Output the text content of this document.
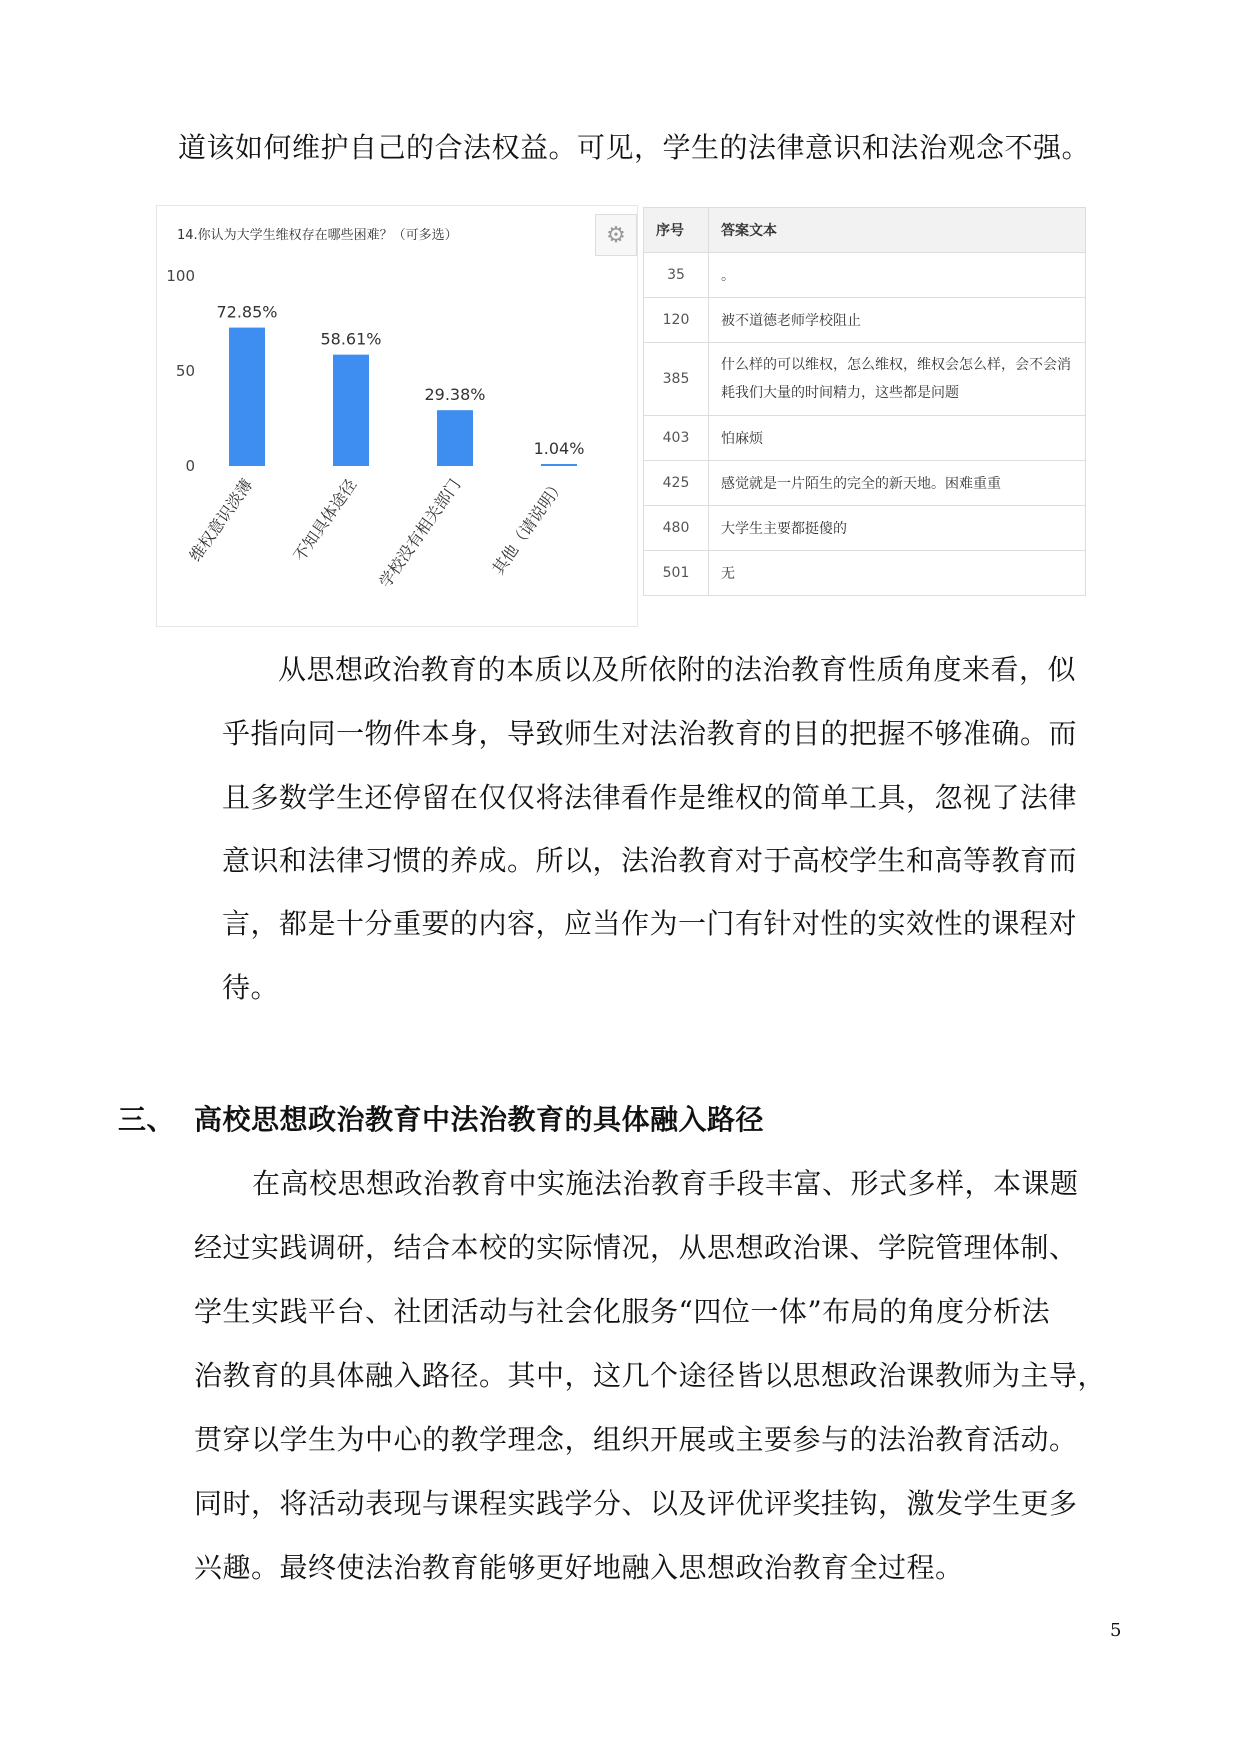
道该如何维护自己的合法权益。可见，学生的法律意识和法治观念不强。
14.你认为大学生维权存在哪些困难？（可多选）	⚙
100
50
0
72.85%
维权意识淡薄
58.61%
不知具体途径
29.38%
学校没有相关部门
1.04%
其他（请说明）
序号	答案文本
35	。
120	被不道德老师学校阻止
385	什么样的可以维权，怎么维权，维权会怎么样，会不会消耗我们大量的时间精力，这些都是问题
403	怕麻烦
425	感觉就是一片陌生的完全的新天地。困难重重
480	大学生主要都挺傻的
501	无
从思想政治教育的本质以及所依附的法治教育性质角度来看，似
乎指向同一物件本身，导致师生对法治教育的目的把握不够准确。而
且多数学生还停留在仅仅将法律看作是维权的简单工具，忽视了法律
意识和法律习惯的养成。所以，法治教育对于高校学生和高等教育而
言，都是十分重要的内容，应当作为一门有针对性的实效性的课程对
待。
三、 高校思想政治教育中法治教育的具体融入路径
在高校思想政治教育中实施法治教育手段丰富、形式多样，本课题
经过实践调研，结合本校的实际情况，从思想政治课、学院管理体制、
学生实践平台、社团活动与社会化服务“四位一体”布局的角度分析法
治教育的具体融入路径。其中，这几个途径皆以思想政治课教师为主导，
贯穿以学生为中心的教学理念，组织开展或主要参与的法治教育活动。
同时，将活动表现与课程实践学分、以及评优评奖挂钩，激发学生更多
兴趣。最终使法治教育能够更好地融入思想政治教育全过程。
5
